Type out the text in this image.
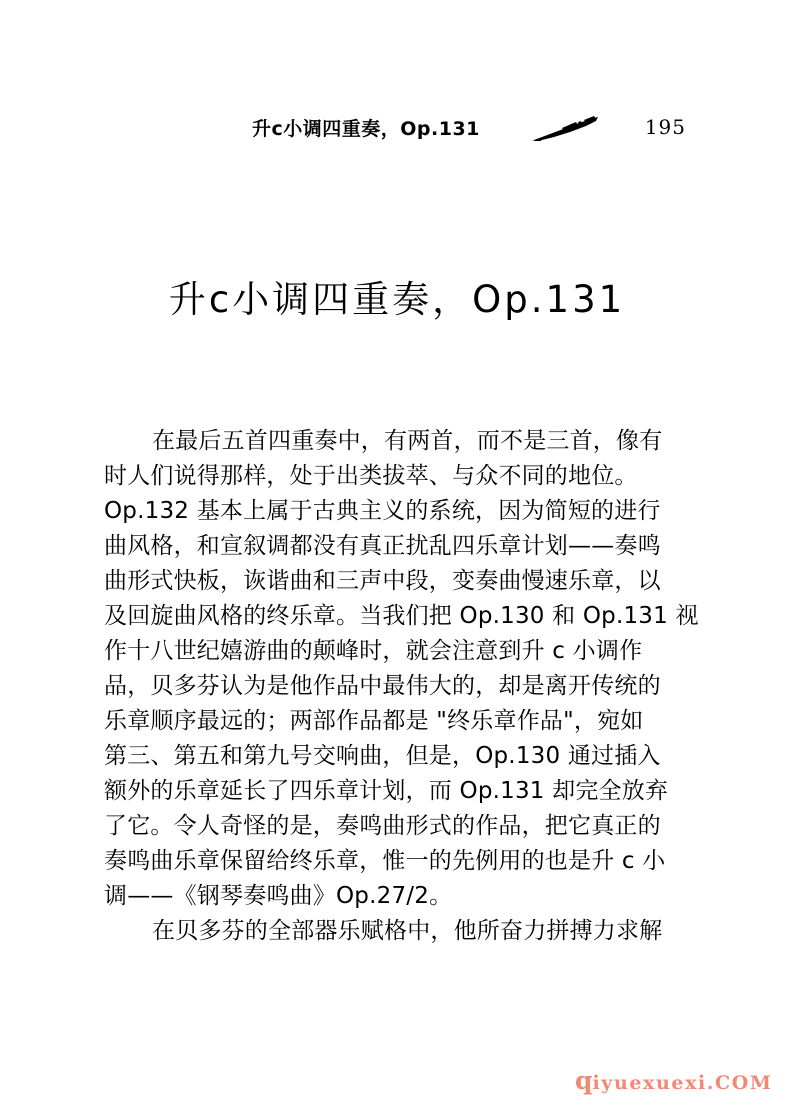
升c小调四重奏，Op.131	195
升c小调四重奏，Op.131
在最后五首四重奏中，有两首，而不是三首，像有
时人们说得那样，处于出类拔萃、与众不同的地位。
Op.132 基本上属于古典主义的系统，因为简短的进行
曲风格，和宣叙调都没有真正扰乱四乐章计划——奏鸣
曲形式快板，诙谐曲和三声中段，变奏曲慢速乐章，以
及回旋曲风格的终乐章。当我们把 Op.130 和 Op.131 视
作十八世纪嬉游曲的颠峰时，就会注意到升 c 小调作
品，贝多芬认为是他作品中最伟大的，却是离开传统的
乐章顺序最远的；两部作品都是 "终乐章作品"，宛如
第三、第五和第九号交响曲，但是，Op.130 通过插入
额外的乐章延长了四乐章计划，而 Op.131 却完全放弃
了它。令人奇怪的是，奏鸣曲形式的作品，把它真正的
奏鸣曲乐章保留给终乐章，惟一的先例用的也是升 c 小
调——《钢琴奏鸣曲》Op.27/2。
在贝多芬的全部器乐赋格中，他所奋力拼搏力求解
q iyuexuexi.COM
